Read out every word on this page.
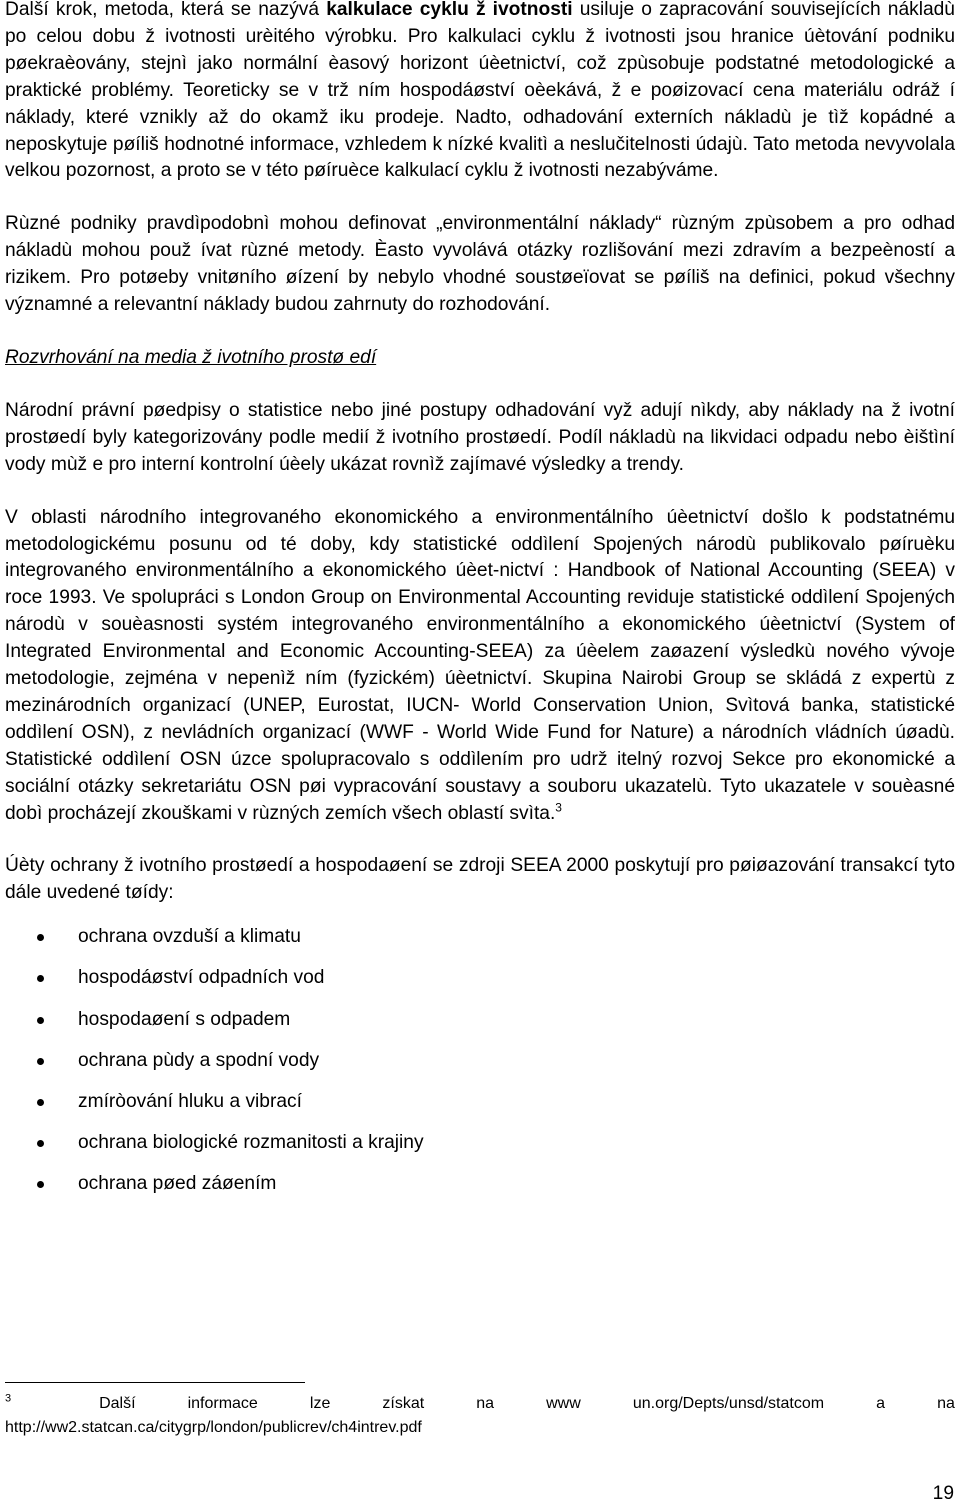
Další krok, metoda, která se nazývá kalkulace cyklu ž ivotnosti usiluje o zapracování souvisejících nákladù po celou dobu ž ivotnosti urèitého výrobku. Pro kalkulaci cyklu ž ivotnosti jsou hranice úètování podniku pøekraèovány, stejnì jako normální èasový horizont úèetnictví, což zpùsobuje podstatné metodologické a praktické problémy. Teoreticky se v trž ním hospodáøství oèekává, ž e poøizovací cena materiálu odráž í náklady, které vznikly až do okamž iku prodeje. Nadto, odhadování externích nákladù je tìž kopádné a neposkytuje pøíliš hodnotné informace, vzhledem k nízké kvalitì a neslučitelnosti údajù. Tato metoda nevyvolala velkou pozornost, a proto se v této pøíruèce kalkulací cyklu ž ivotnosti nezabýváme.

Rùzné podniky pravdìpodobnì mohou definovat „environmentální náklady“ rùzným zpùsobem a pro odhad nákladù mohou použ ívat rùzné metody. Èasto vyvolává otázky rozlišování mezi zdravím a bezpeèností a rizikem. Pro potøeby vnitøního øízení by nebylo vhodné soustøeïovat se pøíliš na definici, pokud všechny významné a relevantní náklady budou zahrnuty do rozhodování.

Rozvrhování na media ž ivotního prostø edí

Národní právní pøedpisy o statistice nebo jiné postupy odhadování vyž adují nìkdy, aby náklady na ž ivotní prostøedí byly kategorizovány podle medií ž ivotního prostøedí. Podíl nákladù na likvidaci odpadu nebo èištìní vody mùž e pro interní kontrolní úèely ukázat rovnìž zajímavé výsledky a trendy.

V oblasti národního integrovaného ekonomického a environmentálního úèetnictví došlo k podstatnému metodologickému posunu od té doby, kdy statistické oddìlení Spojených národù publikovalo pøíruèku integrovaného environmentálního a ekonomického úèet-nictví : Handbook of National Accounting (SEEA) v roce 1993. Ve spolupráci s London Group on Environmental Accounting reviduje statistické oddìlení Spojených národù v souèasnosti systém integrovaného environmentálního a ekonomického úèetnictví (System of Integrated Environmental and Economic Accounting-SEEA) za úèelem zaøazení výsledkù nového vývoje metodologie, zejména v nepenìž ním (fyzickém) úèetnictví. Skupina Nairobi Group se skládá z expertù z mezinárodních organizací (UNEP, Eurostat, IUCN- World Conservation Union, Svìtová banka, statistické oddìlení OSN), z nevládních organizací (WWF - World Wide Fund for Nature) a národních vládních úøadù. Statistické oddìlení OSN úzce spolupracovalo s oddìlením pro udrž itelný rozvoj Sekce pro ekonomické a sociální otázky sekretariátu OSN pøi vypracování soustavy a souboru ukazatelù. Tyto ukazatele v souèasné dobì procházejí zkouškami v rùzných zemích všech oblastí svìta.$^3$

Úèty ochrany ž ivotního prostøedí a hospodaøení se zdroji SEEA 2000 poskytují pro pøiøazování transakcí tyto dále uvedené tøídy:

ochrana ovzduší a klimatu
hospodáøství odpadních vod
hospodaøení s odpadem
ochrana pùdy a spodní vody
zmíròování hluku a vibrací
ochrana biologické rozmanitosti a krajiny
ochrana pøed záøením
$^3$	Další	informace	lze	získat	na	www	un.org/Depts/unsd/statcom	a	na
http://ww2.statcan.ca/citygrp/london/publicrev/ch4intrev.pdf
19
